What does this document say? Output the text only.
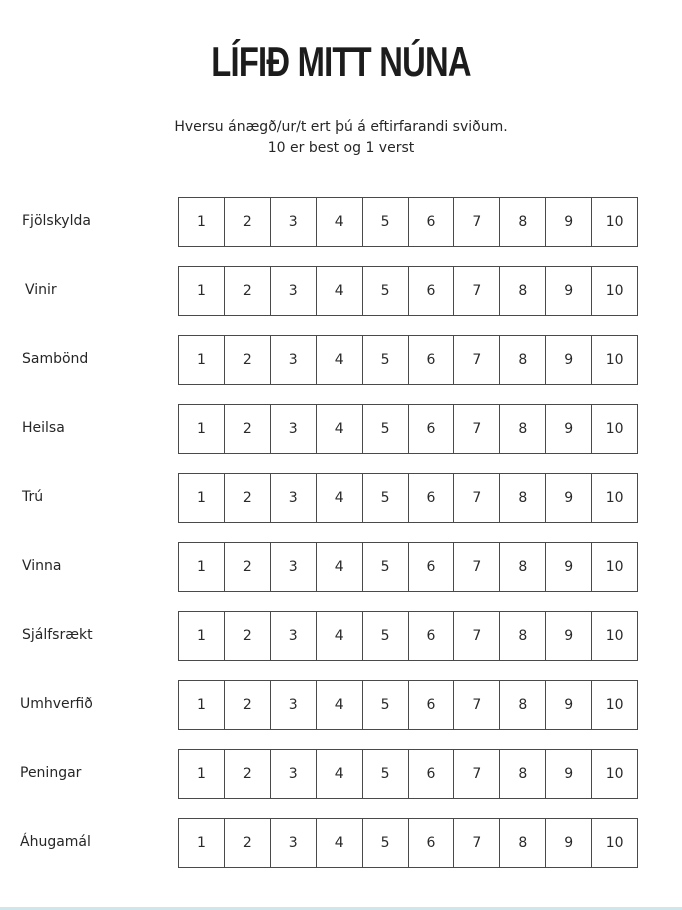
LÍFIÐ MITT NÚNA
Hversu ánægð/ur/t ert þú á eftirfarandi sviðum.
10 er best og 1 verst
Fjölskylda	1	2	3	4	5	6	7	8	9	10
Vinir	1	2	3	4	5	6	7	8	9	10
Sambönd	1	2	3	4	5	6	7	8	9	10
Heilsa	1	2	3	4	5	6	7	8	9	10
Trú	1	2	3	4	5	6	7	8	9	10
Vinna	1	2	3	4	5	6	7	8	9	10
Sjálfsrækt	1	2	3	4	5	6	7	8	9	10
Umhverfið	1	2	3	4	5	6	7	8	9	10
Peningar	1	2	3	4	5	6	7	8	9	10
Áhugamál	1	2	3	4	5	6	7	8	9	10
